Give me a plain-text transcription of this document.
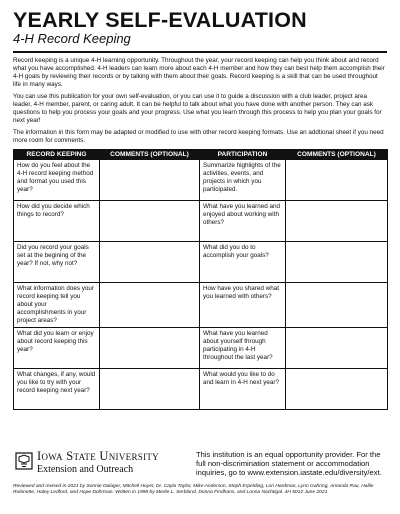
YEARLY SELF-EVALUATION
4-H Record Keeping

Record keeping is a unique 4-H learning opportunity. Throughout the year, your record keeping can help you think about and record what you have accomplished. 4-H leaders can learn more about each 4-H member and how they can best help them accomplish their 4-H goals by reviewing their records or by talking with them about their goals. Record keeping is a skill that can be used throughout life in many ways.

You can use this publication for your own self-evaluation, or you can use it to guide a discussion with a club leader, project area leader, 4-H member, parent, or caring adult. It can be helpful to talk about what you have done with another person. They can ask questions to help you process your goals and your progress. Use what you learn through this process to help you plan your goals for next year!

The information in this form may be adapted or modified to use with other record keeping formats. Use an addtional sheet if you need more room for comments.

RECORD KEEPING	COMMENTS (OPTIONAL)	PARTICIPATION	COMMENTS (OPTIONAL)
How do you feel about the 4-H record keeping method and format you used this year?		Summarize highlights of the activities, events, and projects in which you participated.	
How did you decide which things to record?		What have you learned and enjoyed about working with others?	
Did you record your goals set at the begining of the year? If not, why not?		What did you do to accomplish your goals?	
What information does your record keeping tell you about your accomplishments in your project areas?		How have you shared what you learned with others?	
What did you learn or enjoy about record keeping this year?		What have you learned about yourself through participating in 4-H throughout the last year?	
What changes, if any, would you like to try with your record keeping next year?		What would you like to do and learn in 4-H next year?	
Iowa State University
Extension and Outreach
This institution is an equal opportunity provider. For the full non-discrimination statement or accommodation inquiries, go to www.extension.iastate.edu/diversity/ext.
Reviewed and revised in 2021 by Sonnie Dalager, Mitchell Hoyer, Dr. Cayla Taylor, Mike Anderson, Steph Erpelding, Lori Hardman, Lynn Gahring, Amanda Rau, Hallie Robinette, Haley Ledford, and Hope Dohrman. Written in 1998 by Merlie L. Serbland, Donna Findhans, and Lonna Nachtigal. 4H 5012 June 2021
